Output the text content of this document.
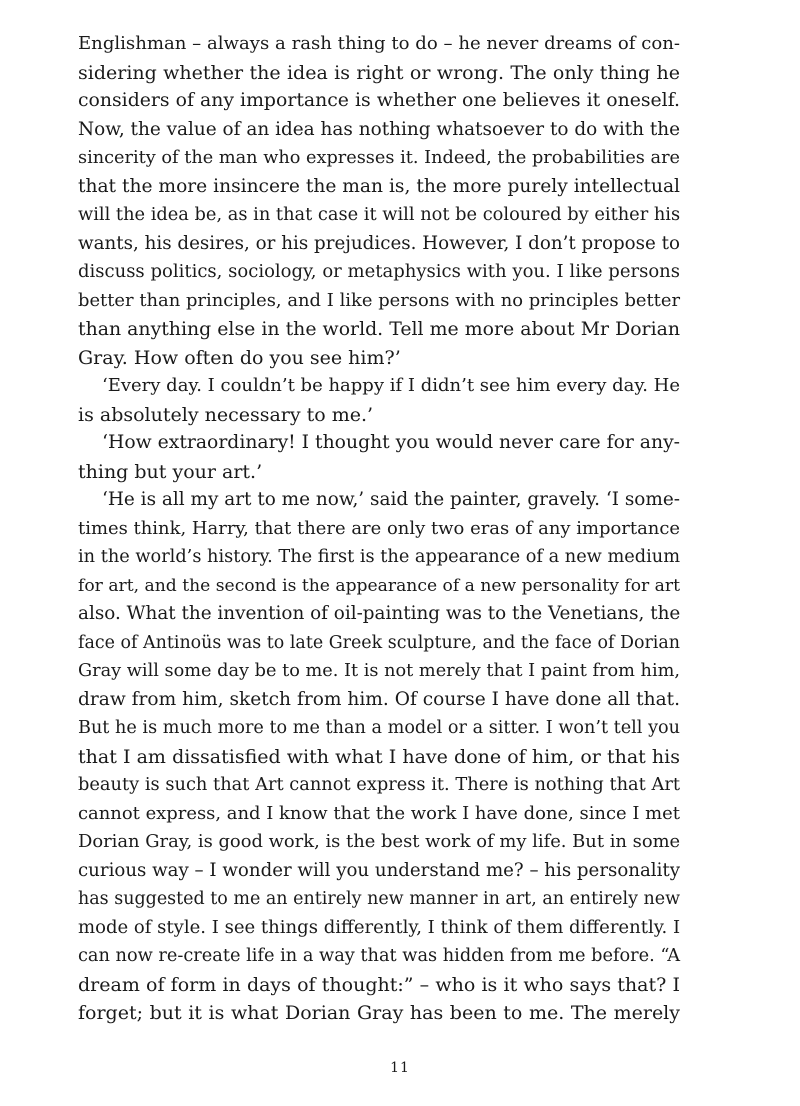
Englishman – always a rash thing to do – he never dreams of con-
sidering whether the idea is right or wrong. The only thing he
considers of any importance is whether one believes it oneself.
Now, the value of an idea has nothing whatsoever to do with the
sincerity of the man who expresses it. Indeed, the probabilities are
that the more insincere the man is, the more purely intellectual
will the idea be, as in that case it will not be coloured by either his
wants, his desires, or his prejudices. However, I don’t propose to
discuss politics, sociology, or metaphysics with you. I like persons
better than principles, and I like persons with no principles better
than anything else in the world. Tell me more about Mr Dorian
Gray. How often do you see him?’
‘Every day. I couldn’t be happy if I didn’t see him every day. He
is absolutely necessary to me.’
‘How extraordinary! I thought you would never care for any-
thing but your art.’
‘He is all my art to me now,’ said the painter, gravely. ‘I some-
times think, Harry, that there are only two eras of any importance
in the world’s history. The first is the appearance of a new medium
for art, and the second is the appearance of a new personality for art
also. What the invention of oil-painting was to the Venetians, the
face of Antinoüs was to late Greek sculpture, and the face of Dorian
Gray will some day be to me. It is not merely that I paint from him,
draw from him, sketch from him. Of course I have done all that.
But he is much more to me than a model or a sitter. I won’t tell you
that I am dissatisfied with what I have done of him, or that his
beauty is such that Art cannot express it. There is nothing that Art
cannot express, and I know that the work I have done, since I met
Dorian Gray, is good work, is the best work of my life. But in some
curious way – I wonder will you understand me? – his personality
has suggested to me an entirely new manner in art, an entirely new
mode of style. I see things differently, I think of them differently. I
can now re-create life in a way that was hidden from me before. “A
dream of form in days of thought:” – who is it who says that? I
forget; but it is what Dorian Gray has been to me. The merely
11
